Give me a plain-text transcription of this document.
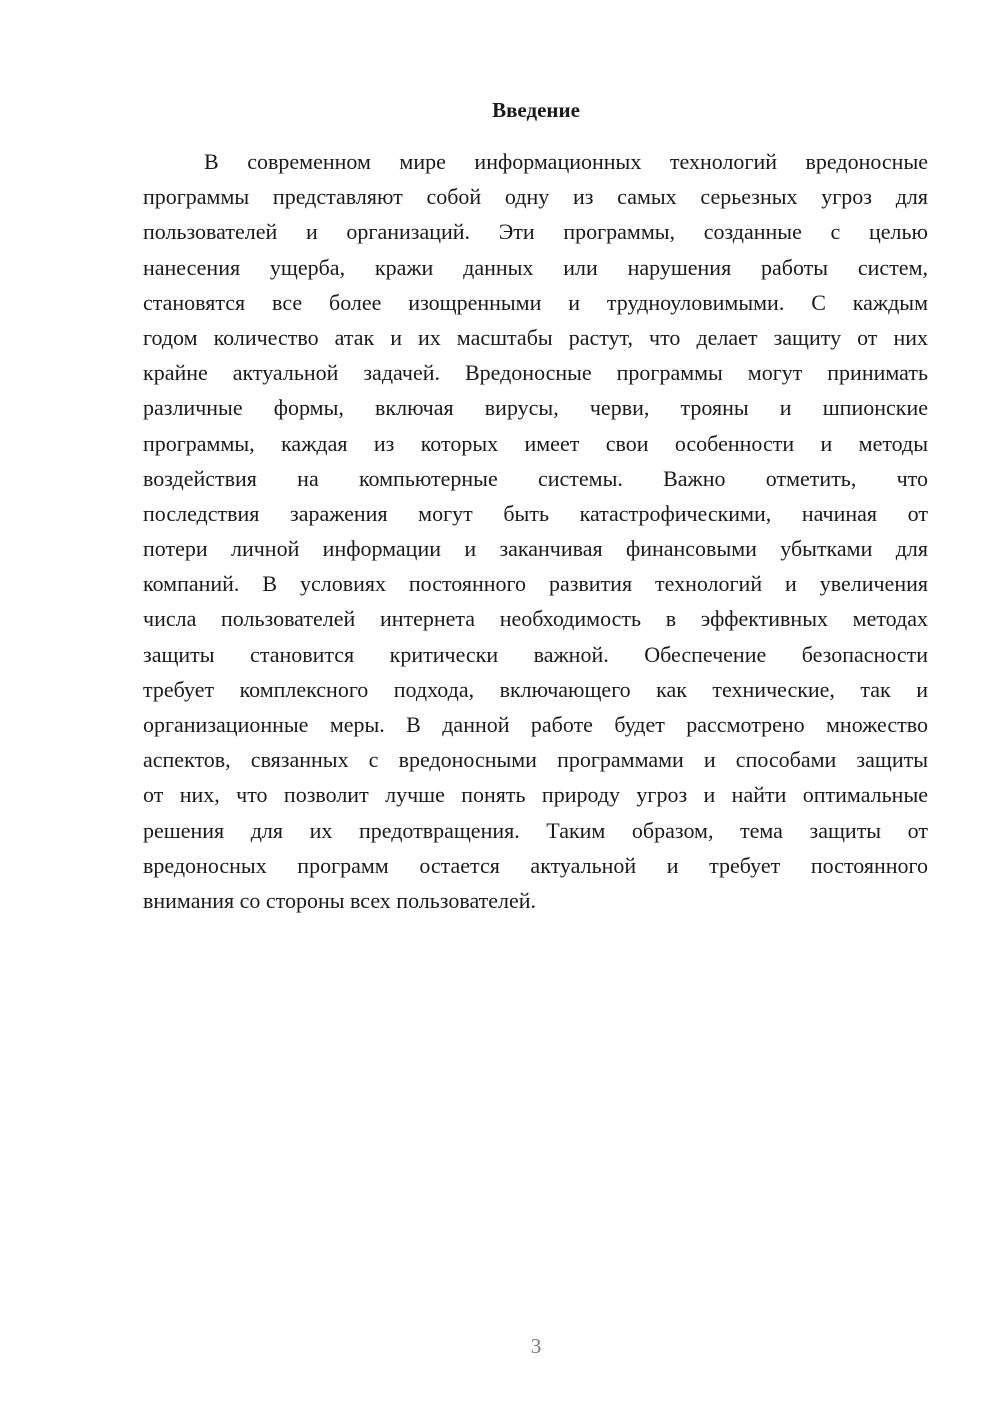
Введение
В современном мире информационных технологий вредоносные
программы представляют собой одну из самых серьезных угроз для
пользователей и организаций. Эти программы, созданные с целью
нанесения ущерба, кражи данных или нарушения работы систем,
становятся все более изощренными и трудноуловимыми. С каждым
годом количество атак и их масштабы растут, что делает защиту от них
крайне актуальной задачей. Вредоносные программы могут принимать
различные формы, включая вирусы, черви, трояны и шпионские
программы, каждая из которых имеет свои особенности и методы
воздействия на компьютерные системы. Важно отметить, что
последствия заражения могут быть катастрофическими, начиная от
потери личной информации и заканчивая финансовыми убытками для
компаний. В условиях постоянного развития технологий и увеличения
числа пользователей интернета необходимость в эффективных методах
защиты становится критически важной. Обеспечение безопасности
требует комплексного подхода, включающего как технические, так и
организационные меры. В данной работе будет рассмотрено множество
аспектов, связанных с вредоносными программами и способами защиты
от них, что позволит лучше понять природу угроз и найти оптимальные
решения для их предотвращения. Таким образом, тема защиты от
вредоносных программ остается актуальной и требует постоянного
внимания со стороны всех пользователей.
3
